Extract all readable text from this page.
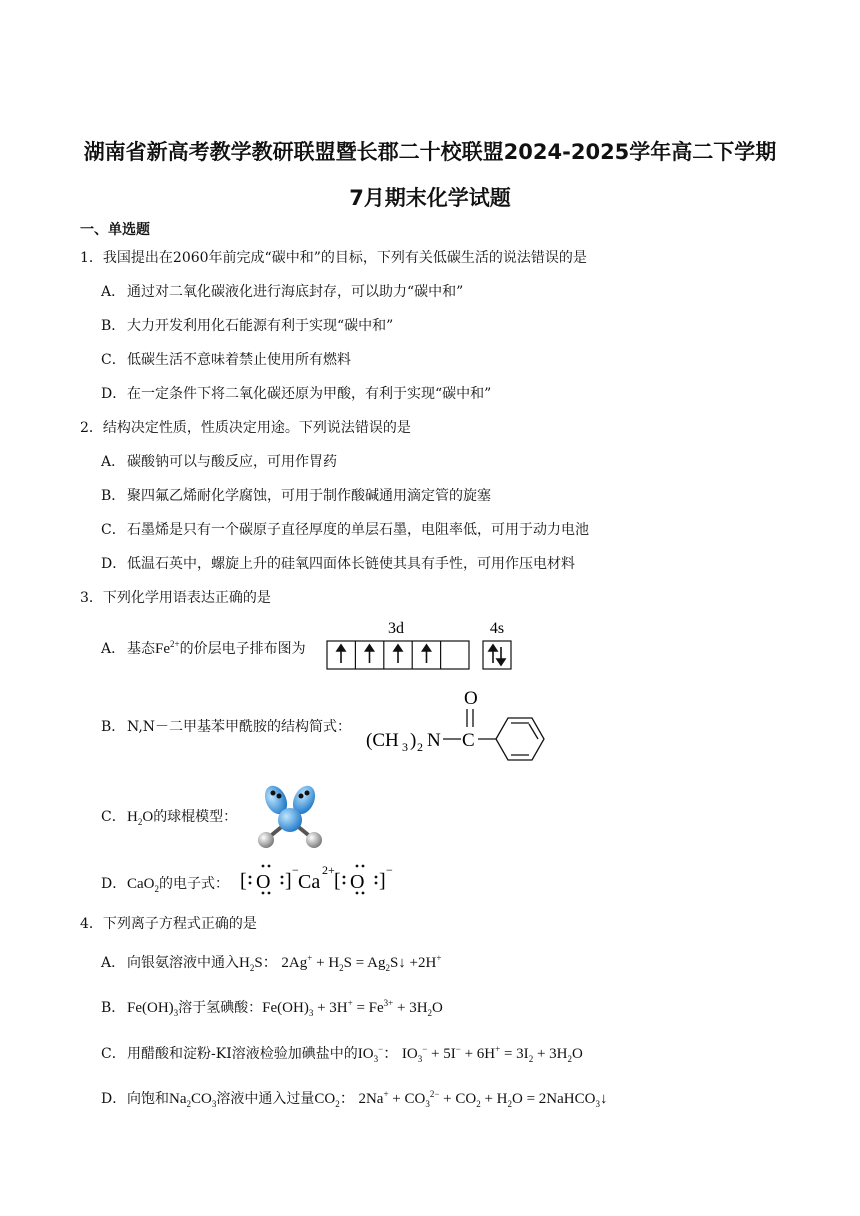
湖南省新高考教学教研联盟暨长郡二十校联盟2024-2025学年高二下学期
7月期末化学试题
一、单选题
1．我国提出在2060年前完成“碳中和”的目标，下列有关低碳生活的说法错误的是
A． 通过对二氧化碳液化进行海底封存，可以助力“碳中和”
B． 大力开发利用化石能源有利于实现“碳中和”
C．低碳生活不意味着禁止使用所有燃料
D．在一定条件下将二氧化碳还原为甲酸，有利于实现“碳中和”
2．结构决定性质，性质决定用途。下列说法错误的是
A． 碳酸钠可以与酸反应，可用作胃药
B． 聚四氟乙烯耐化学腐蚀，可用于制作酸碱通用滴定管的旋塞
C．石墨烯是只有一个碳原子直径厚度的单层石墨，电阻率低，可用于动力电池
D．低温石英中，螺旋上升的硅氧四面体长链使其具有手性，可用作压电材料
3．下列化学用语表达正确的是
A． 基态$Fe^{2+}$的价层电子排布图为
3d	4s
B． N,N－二甲基苯甲酰胺的结构简式：
(CH 3 ) 2 N C
O
C．$H_2O$的球棍模型：
D．CaO$_2$的电子式： [ O ] −
Ca
2+ [ O ] −
4．下列离子方程式正确的是
A． 向银氨溶液中通入$H_2S$： $2Ag^+ + H_2S$ = $Ag_2S↓ +2H^+$
B． $Fe(OH)_3$溶于氢碘酸：$Fe(OH)_3 + 3H^+ = Fe^{3+} + 3H_2O$
C．用醋酸和淀粉-KI溶液检验加碘盐中的$IO_3^-$： $IO_3^- + 5I^- + 6H^+ = 3I_2 + 3H_2O$
D．向饱和$Na_2CO_3$溶液中通入过量$CO_2$： $2Na^+ + CO_3^{2-} + CO_2 + H_2O$ = 2NaHCO$_3$↓
